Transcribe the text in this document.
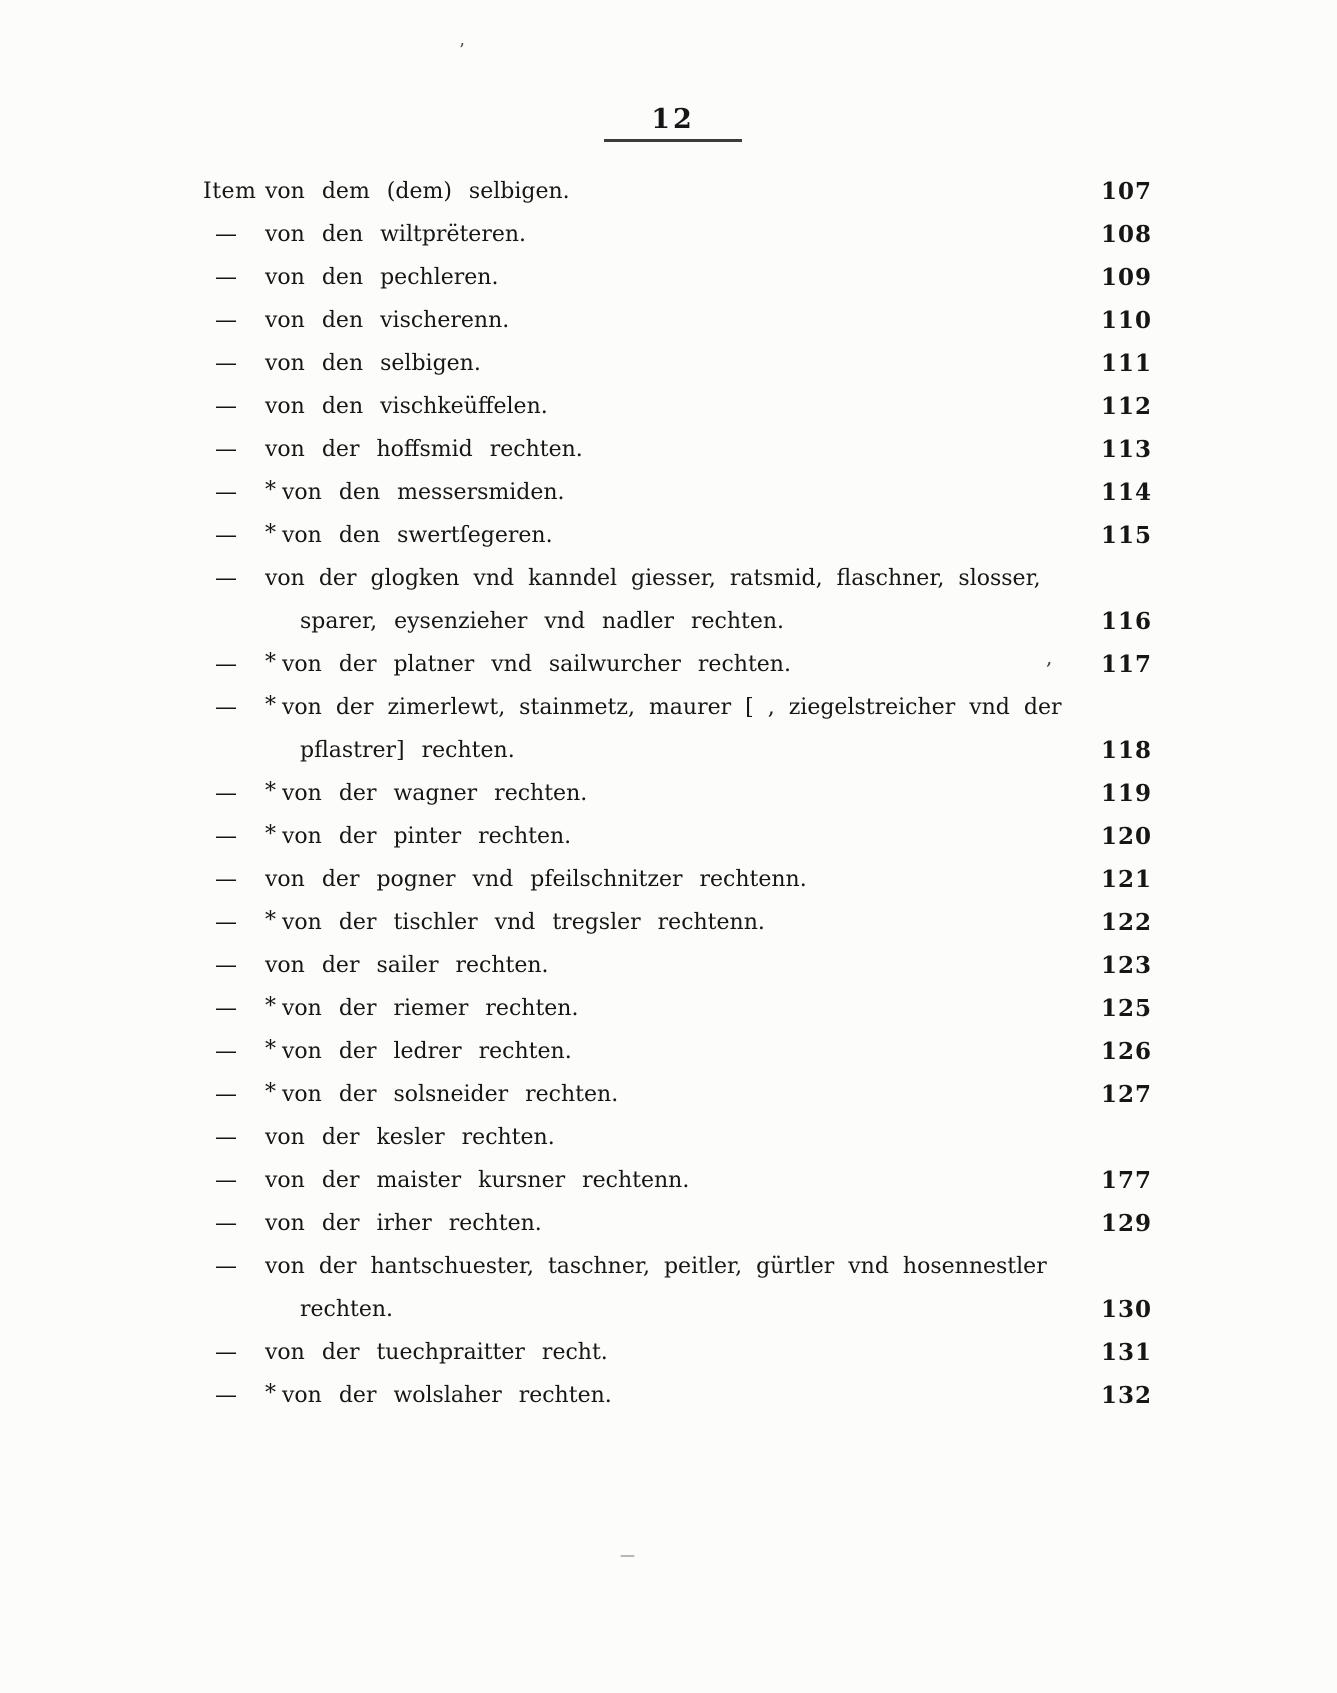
’
12
Item von dem (dem) selbigen.	107
— von den wiltprëteren.	108
— von den pechleren.	109
— von den vischerenn.	110
— von den selbigen.	111
— von den vischkeüffelen.	112
— von der hoffsmid rechten.	113
— * von den messersmiden.	114
— * von den swertſegeren.	115
— von der glogken vnd kanndel giesser, ratsmid, flaschner, slosser,
sparer, eysenzieher vnd nadler rechten.	116
— * von der platner vnd sailwurcher rechten.	117
— * von der zimerlewt, stainmetz, maurer [ , ziegelstreicher vnd der
pflastrer] rechten.	118
— * von der wagner rechten.	119
— * von der pinter rechten.	120
— von der pogner vnd pfeilschnitzer rechtenn.	121
— * von der tischler vnd tregsler rechtenn.	122
— von der sailer rechten.	123
— * von der riemer rechten.	125
— * von der ledrer rechten.	126
— * von der solsneider rechten.	127
— von der kesler rechten.
— von der maister kursner rechtenn.	177
— von der irher rechten.	129
— von der hantschuester, taschner, peitler, gürtler vnd hosennestler
rechten.	130
— von der tuechpraitter recht.	131
— * von der wolslaher rechten.	132
,
—
